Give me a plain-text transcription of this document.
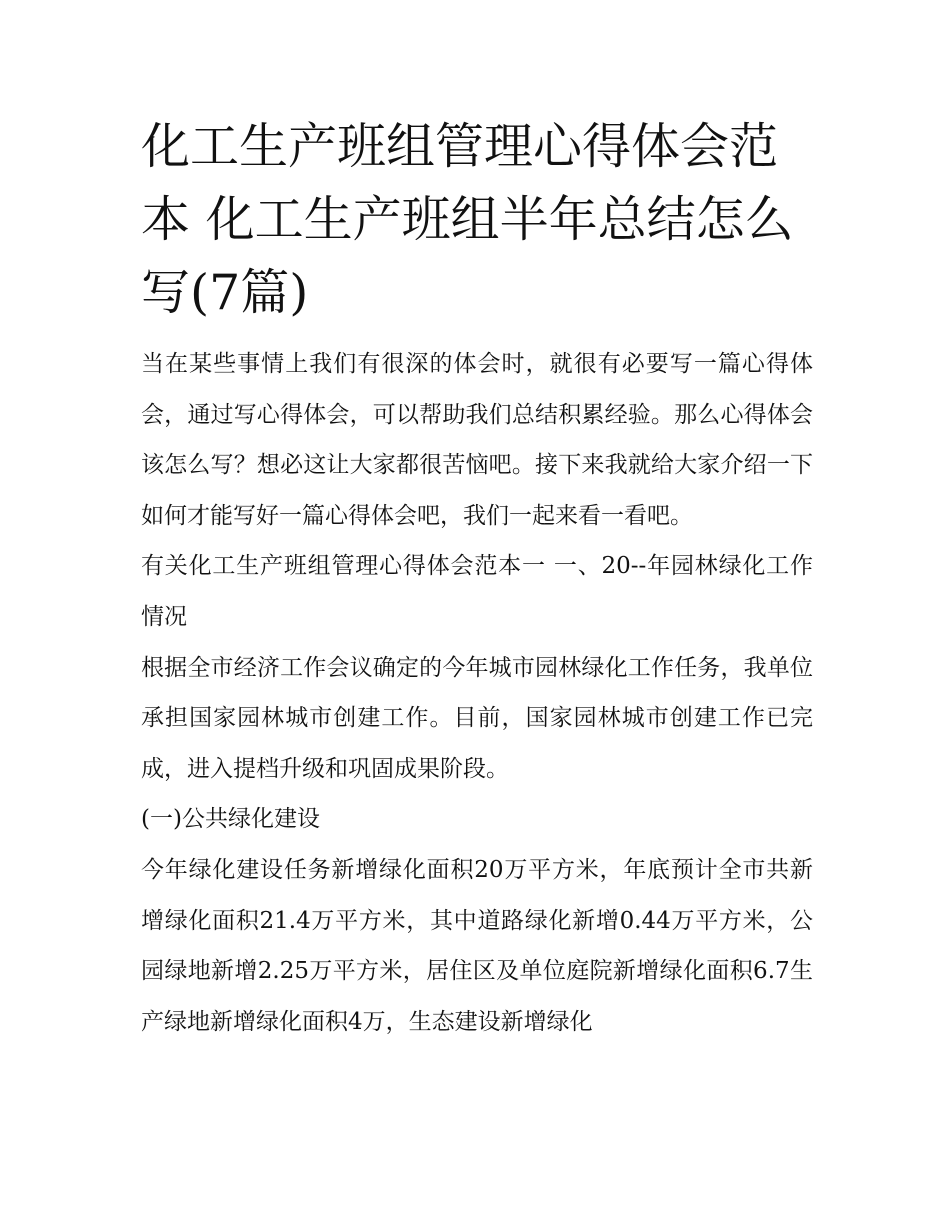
化工生产班组管理心得体会范本 化工生产班组半年总结怎么写(7篇)

当在某些事情上我们有很深的体会时，就很有必要写一篇心得体会，通过写心得体会，可以帮助我们总结积累经验。那么心得体会该怎么写？想必这让大家都很苦恼吧。接下来我就给大家介绍一下如何才能写好一篇心得体会吧，我们一起来看一看吧。

有关化工生产班组管理心得体会范本一 一、20--年园林绿化工作情况

根据全市经济工作会议确定的今年城市园林绿化工作任务，我单位承担国家园林城市创建工作。目前，国家园林城市创建工作已完成，进入提档升级和巩固成果阶段。

(一)公共绿化建设

今年绿化建设任务新增绿化面积20万平方米，年底预计全市共新增绿化面积21.4万平方米，其中道路绿化新增0.44万平方米，公园绿地新增2.25万平方米，居住区及单位庭院新增绿化面积6.7生产绿地新增绿化面积4万，生态建设新增绿化
